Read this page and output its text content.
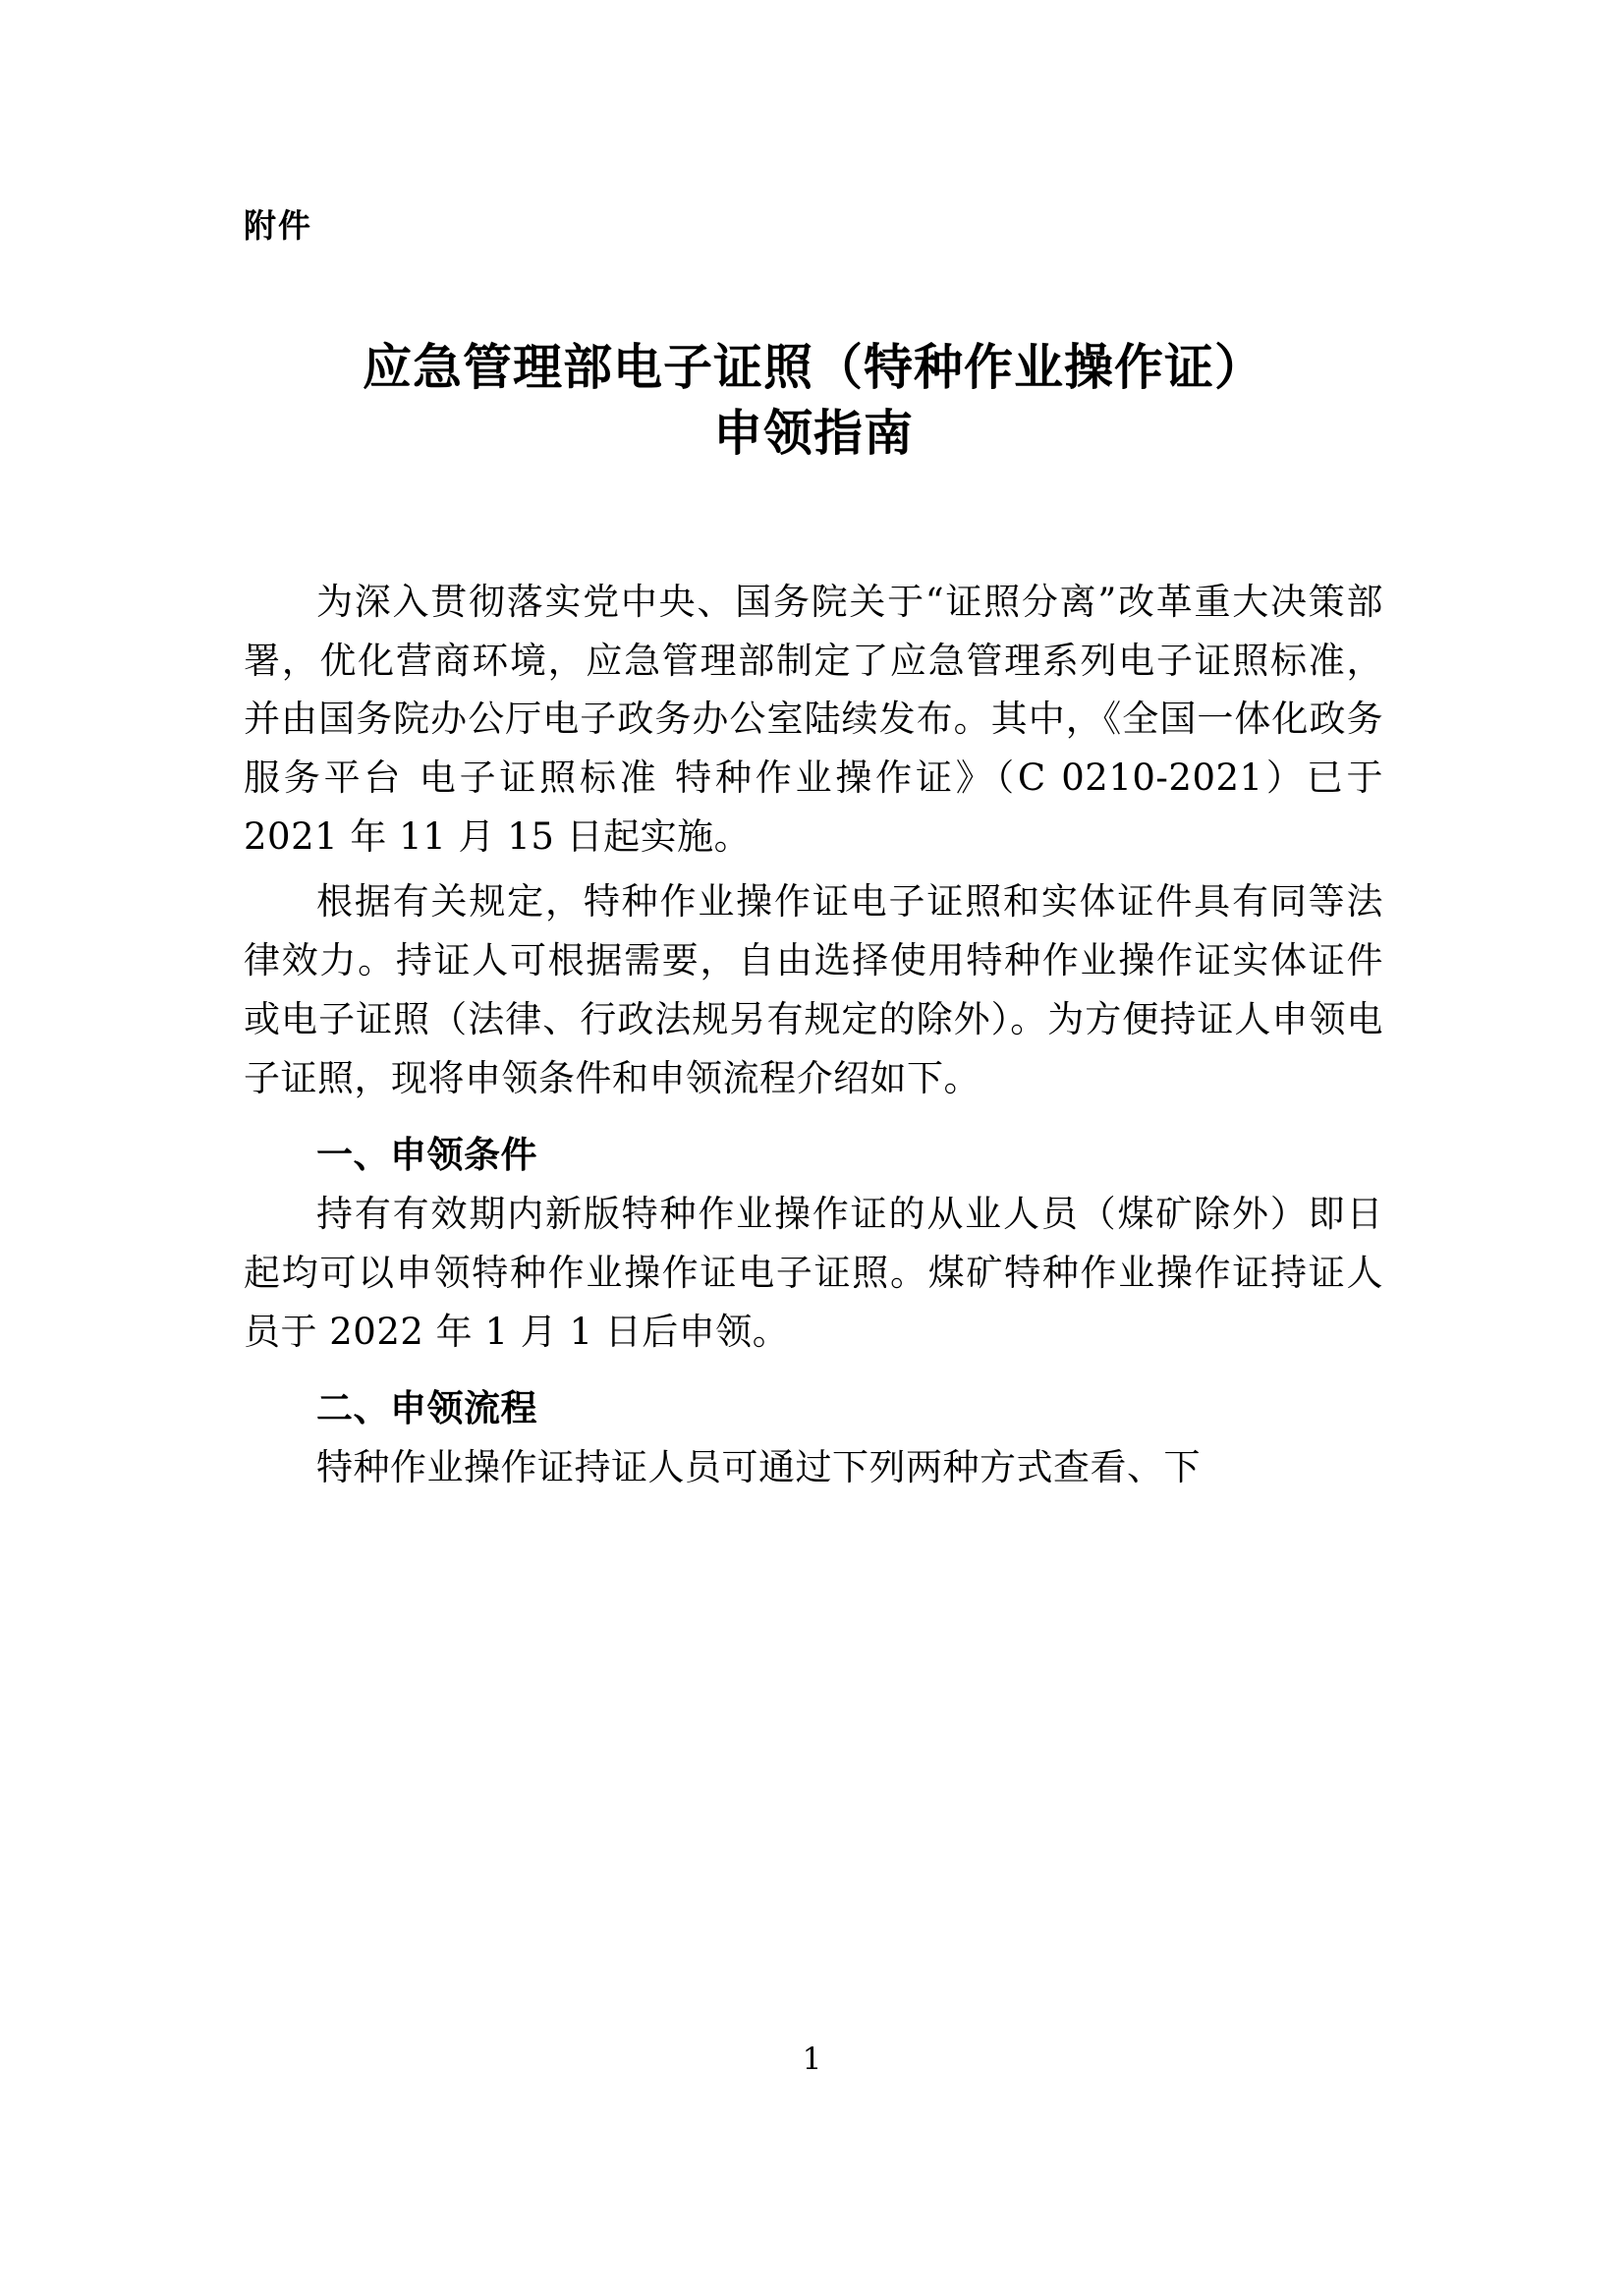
附件
应急管理部电子证照（特种作业操作证）
申领指南

为深入贯彻落实党中央、国务院关于“证照分离”改革重大决策部署，优化营商环境，应急管理部制定了应急管理系列电子证照标准，并由国务院办公厅电子政务办公室陆续发布。其中，《全国一体化政务服务平台 电子证照标准 特种作业操作证》（C 0210-2021）已于 2021 年 11 月 15 日起实施。

根据有关规定，特种作业操作证电子证照和实体证件具有同等法律效力。持证人可根据需要，自由选择使用特种作业操作证实体证件或电子证照（法律、行政法规另有规定的除外）。为方便持证人申领电子证照，现将申领条件和申领流程介绍如下。

一、申领条件

持有有效期内新版特种作业操作证的从业人员（煤矿除外）即日起均可以申领特种作业操作证电子证照。煤矿特种作业操作证持证人员于 2022 年 1 月 1 日后申领。

二、申领流程

特种作业操作证持证人员可通过下列两种方式查看、下

1
